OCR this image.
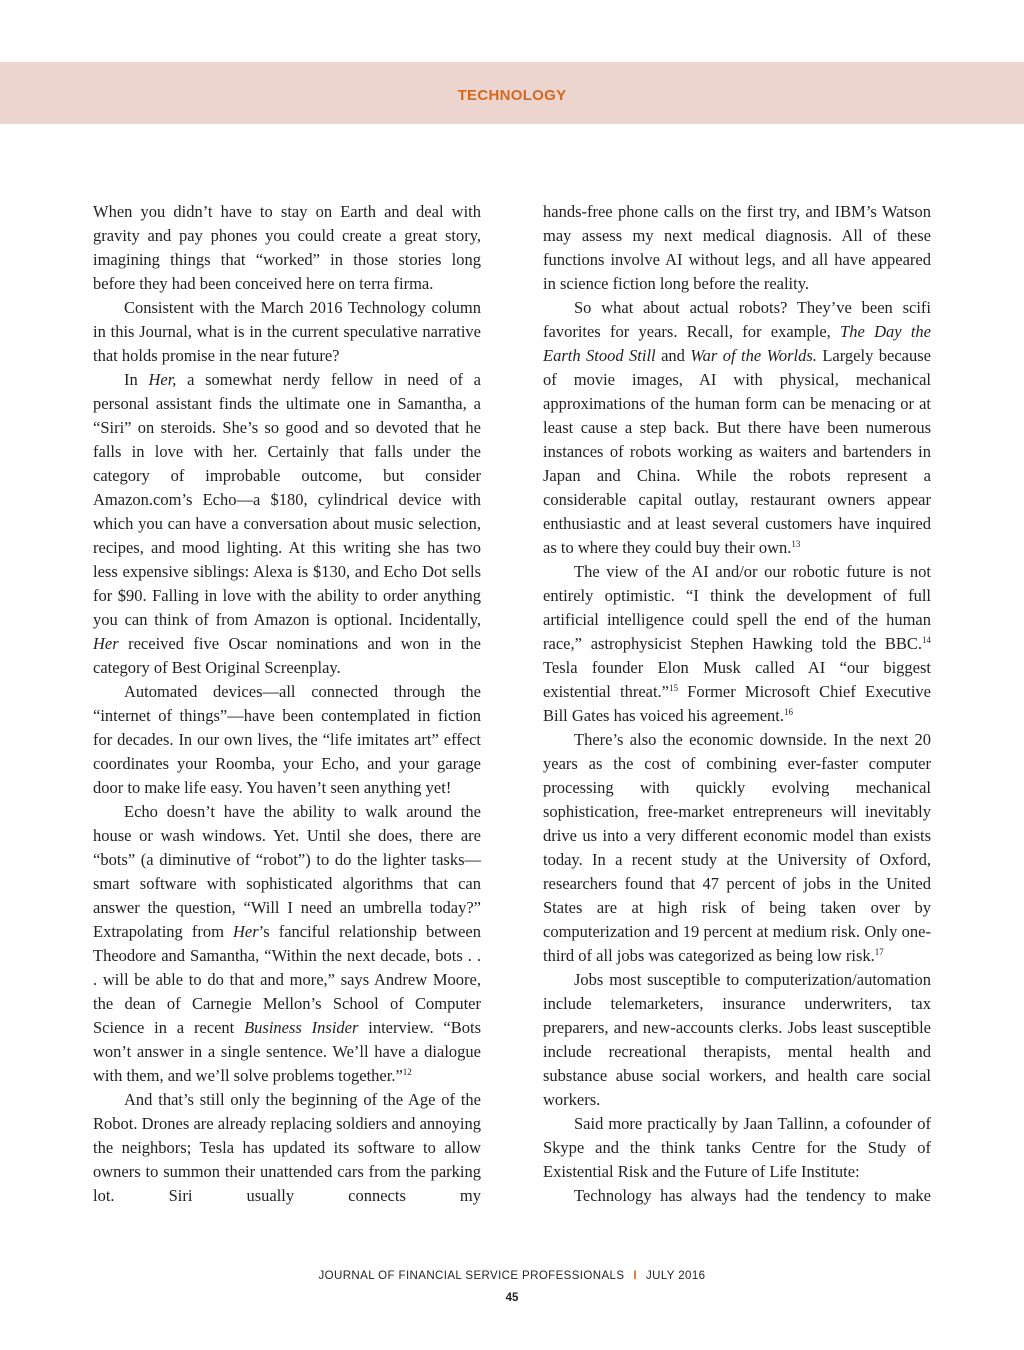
TECHNOLOGY

When you didn’t have to stay on Earth and deal with gravity and pay phones you could create a great story, imagining things that “worked” in those stories long before they had been conceived here on terra firma.

Consistent with the March 2016 Technology column in this Journal, what is in the current speculative narrative that holds promise in the near future?

In Her, a somewhat nerdy fellow in need of a personal assistant finds the ultimate one in Samantha, a “Siri” on steroids. She’s so good and so devoted that he falls in love with her. Certainly that falls under the category of improbable outcome, but consider Amazon.com’s Echo—a $180, cylindrical device with which you can have a conversation about music selection, recipes, and mood lighting. At this writing she has two less expensive siblings: Alexa is $130, and Echo Dot sells for $90. Falling in love with the ability to order anything you can think of from Amazon is optional. Incidentally, Her received five Oscar nominations and won in the category of Best Original Screenplay.

Automated devices—all connected through the “internet of things”—have been contemplated in fiction for decades. In our own lives, the “life imitates art” effect coordinates your Roomba, your Echo, and your garage door to make life easy. You haven’t seen anything yet!

Echo doesn’t have the ability to walk around the house or wash windows. Yet. Until she does, there are “bots” (a diminutive of “robot”) to do the lighter tasks—smart software with sophisticated algorithms that can answer the question, “Will I need an umbrella today?” Extrapolating from Her’s fanciful relationship between Theodore and Samantha, “Within the next decade, bots . . . will be able to do that and more,” says Andrew Moore, the dean of Carnegie Mellon’s School of Computer Science in a recent Business Insider interview. “Bots won’t answer in a single sentence. We’ll have a dialogue with them, and we’ll solve problems together.”$^{12}$

And that’s still only the beginning of the Age of the Robot. Drones are already replacing soldiers and annoying the neighbors; Tesla has updated its software to allow owners to summon their unattended cars from the parking lot. Siri usually connects my

hands-free phone calls on the first try, and IBM’s Watson may assess my next medical diagnosis. All of these functions involve AI without legs, and all have appeared in science fiction long before the reality.

So what about actual robots? They’ve been scifi favorites for years. Recall, for example, The Day the Earth Stood Still and War of the Worlds. Largely because of movie images, AI with physical, mechanical approximations of the human form can be menacing or at least cause a step back. But there have been numerous instances of robots working as waiters and bartenders in Japan and China. While the robots represent a considerable capital outlay, restaurant owners appear enthusiastic and at least several customers have inquired as to where they could buy their own.$^{13}$

The view of the AI and/or our robotic future is not entirely optimistic. “I think the development of full artificial intelligence could spell the end of the human race,” astrophysicist Stephen Hawking told the BBC.$^{14}$ Tesla founder Elon Musk called AI “our biggest existential threat.”$^{15}$ Former Microsoft Chief Executive Bill Gates has voiced his agreement.$^{16}$

There’s also the economic downside. In the next 20 years as the cost of combining ever-faster computer processing with quickly evolving mechanical sophistication, free-market entrepreneurs will inevitably drive us into a very different economic model than exists today. In a recent study at the University of Oxford, researchers found that 47 percent of jobs in the United States are at high risk of being taken over by computerization and 19 percent at medium risk. Only one-third of all jobs was categorized as being low risk.$^{17}$

Jobs most susceptible to computerization/automation include telemarketers, insurance underwriters, tax preparers, and new-accounts clerks. Jobs least susceptible include recreational therapists, mental health and substance abuse social workers, and health care social workers.

Said more practically by Jaan Tallinn, a cofounder of Skype and the think tanks Centre for the Study of Existential Risk and the Future of Life Institute:

Technology has always had the tendency to make

JOURNAL OF FINANCIAL SERVICE PROFESSIONALS I JULY 2016
45
